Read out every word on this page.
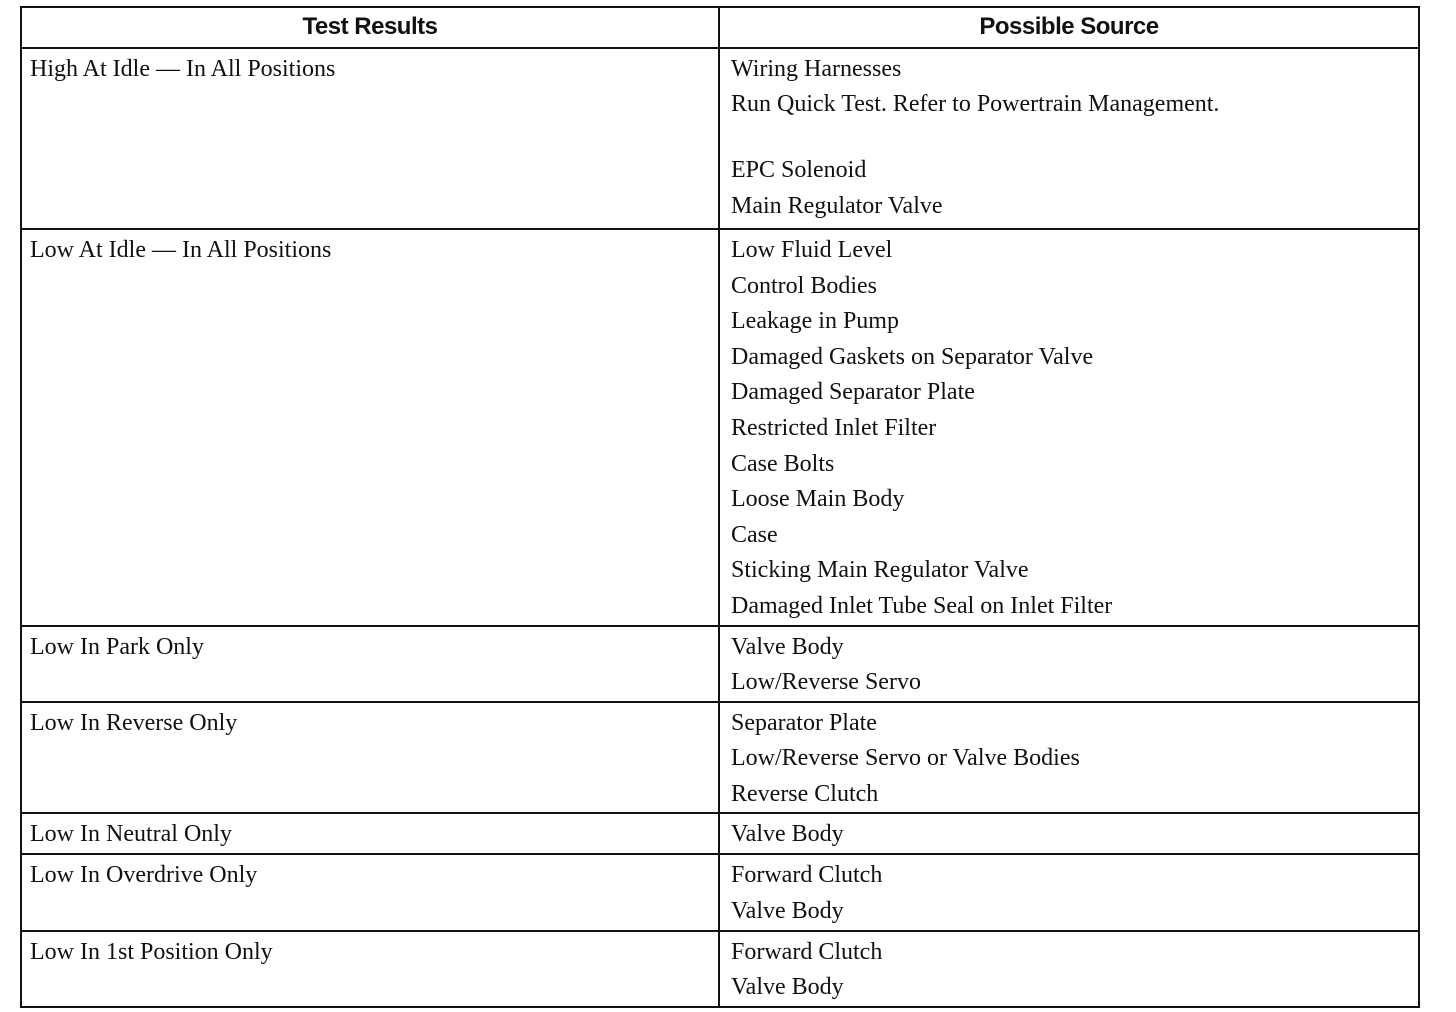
Test Results	Possible Source
High At Idle — In All Positions	Wiring Harnesses
Run Quick Test. Refer to Powertrain Management.
EPC Solenoid
Main Regulator Valve
Low At Idle — In All Positions	Low Fluid Level
Control Bodies
Leakage in Pump
Damaged Gaskets on Separator Valve
Damaged Separator Plate
Restricted Inlet Filter
Case Bolts
Loose Main Body
Case
Sticking Main Regulator Valve
Damaged Inlet Tube Seal on Inlet Filter
Low In Park Only	Valve Body
Low/Reverse Servo
Low In Reverse Only	Separator Plate
Low/Reverse Servo or Valve Bodies
Reverse Clutch
Low In Neutral Only	Valve Body
Low In Overdrive Only	Forward Clutch
Valve Body
Low In 1st Position Only	Forward Clutch
Valve Body
